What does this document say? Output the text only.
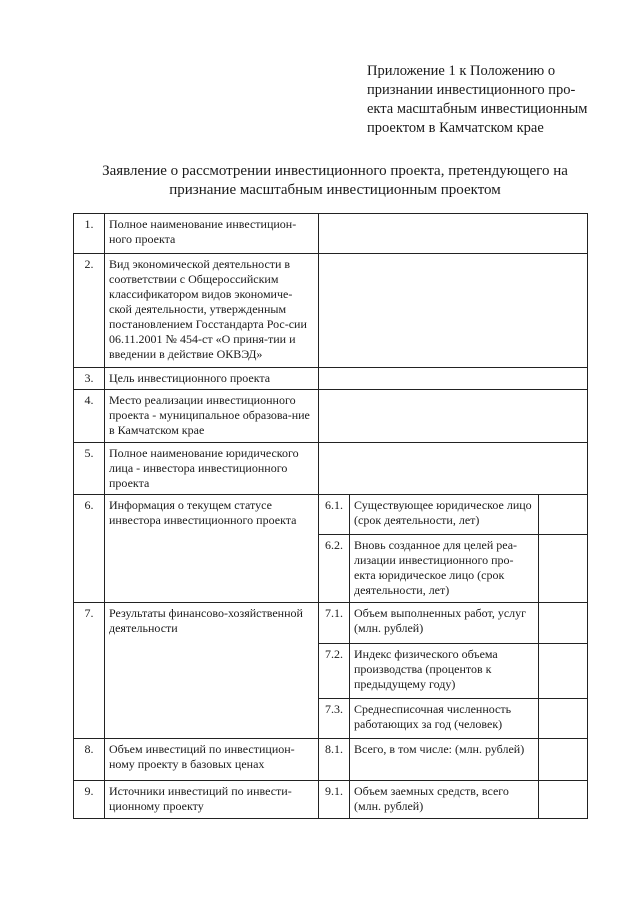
Приложение 1 к Положению о
признании инвестиционного про-
екта масштабным инвестиционным
проектом в Камчатском крае
Заявление о рассмотрении инвестиционного проекта, претендующего на
признание масштабным инвестиционным проектом
1.	Полное наименование инвестицион-ного проекта			
2.	Вид экономической деятельности в соответствии с Общероссийским классификатором видов экономиче-ской деятельности, утвержденным постановлением Госстандарта Рос-сии 06.11.2001 № 454-ст «О приня-тии и введении в действие ОКВЭД»			
3.	Цель инвестиционного проекта			
4.	Место реализации инвестиционного проекта - муниципальное образова-ние в Камчатском крае			
5.	Полное наименование юридического лица - инвестора инвестиционного проекта			
6.	Информация о текущем статусе инвестора инвестиционного проекта	6.1.	Существующее юридическое лицо (срок деятельности, лет)	
		6.2.	Вновь созданное для целей реа-лизации инвестиционного про-екта юридическое лицо (срок деятельности, лет)	
7.	Результаты финансово-хозяйственной деятельности	7.1.	Объем выполненных работ, услуг (млн. рублей)	
		7.2.	Индекс физического объема производства (процентов к предыдущему году)	
		7.3.	Среднесписочная численность работающих за год (человек)	
8.	Объем инвестиций по инвестицион-ному проекту в базовых ценах	8.1.	Всего, в том числе: (млн. рублей)	
9.	Источники инвестиций по инвести-ционному проекту	9.1.	Объем заемных средств, всего (млн. рублей)	
